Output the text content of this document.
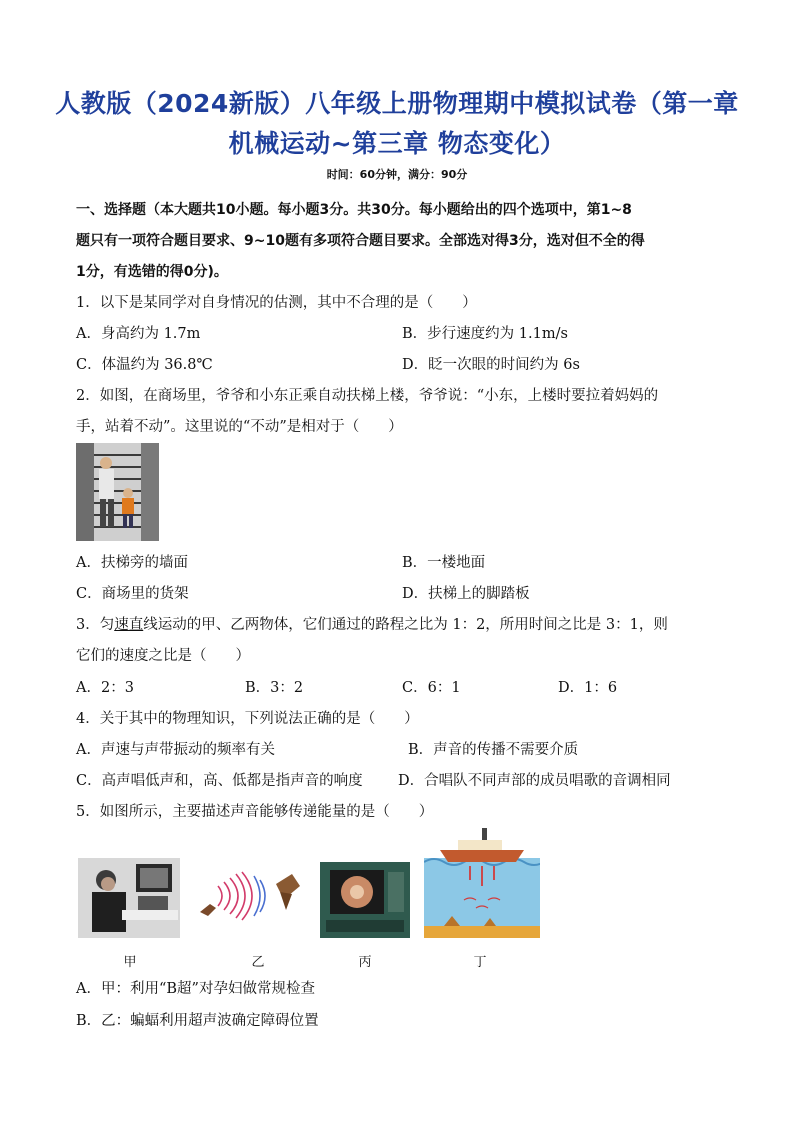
人教版（2024新版）八年级上册物理期中模拟试卷（第一章
机械运动~第三章 物态变化）
时间：60分钟，满分：90分
一、选择题（本大题共10小题。每小题3分。共30分。每小题给出的四个选项中，第1~8
题只有一项符合题目要求、9~10题有多项符合题目要求。全部选对得3分，选对但不全的得
1分，有选错的得0分)。
1．以下是某同学对自身情况的估测，其中不合理的是（　　）
A．身高约为 1.7m	B．步行速度约为 1.1m/s
C．体温约为 36.8℃	D．眨一次眼的时间约为 6s
2．如图，在商场里，爷爷和小东正乘自动扶梯上楼，爷爷说：“小东，上楼时要拉着妈妈的
手，站着不动”。这里说的“不动”是相对于（　　）
A．扶梯旁的墙面	B．一楼地面
C．商场里的货架	D．扶梯上的脚踏板
3．匀速直线运动的甲、乙两物体，它们通过的路程之比为 1：2，所用时间之比是 3：1，则
它们的速度之比是（　　）
A．2：3	B．3：2	C．6：1	D．1：6
4．关于其中的物理知识，下列说法正确的是（　　）
A．声速与声带振动的频率有关	B．声音的传播不需要介质
C．高声唱低声和，高、低都是指声音的响度 D．合唱队不同声部的成员唱歌的音调相同
5．如图所示，主要描述声音能够传递能量的是（　　）
甲	乙	丙	丁
A．甲：利用“B超”对孕妇做常规检查
B．乙：蝙蝠利用超声波确定障碍位置
